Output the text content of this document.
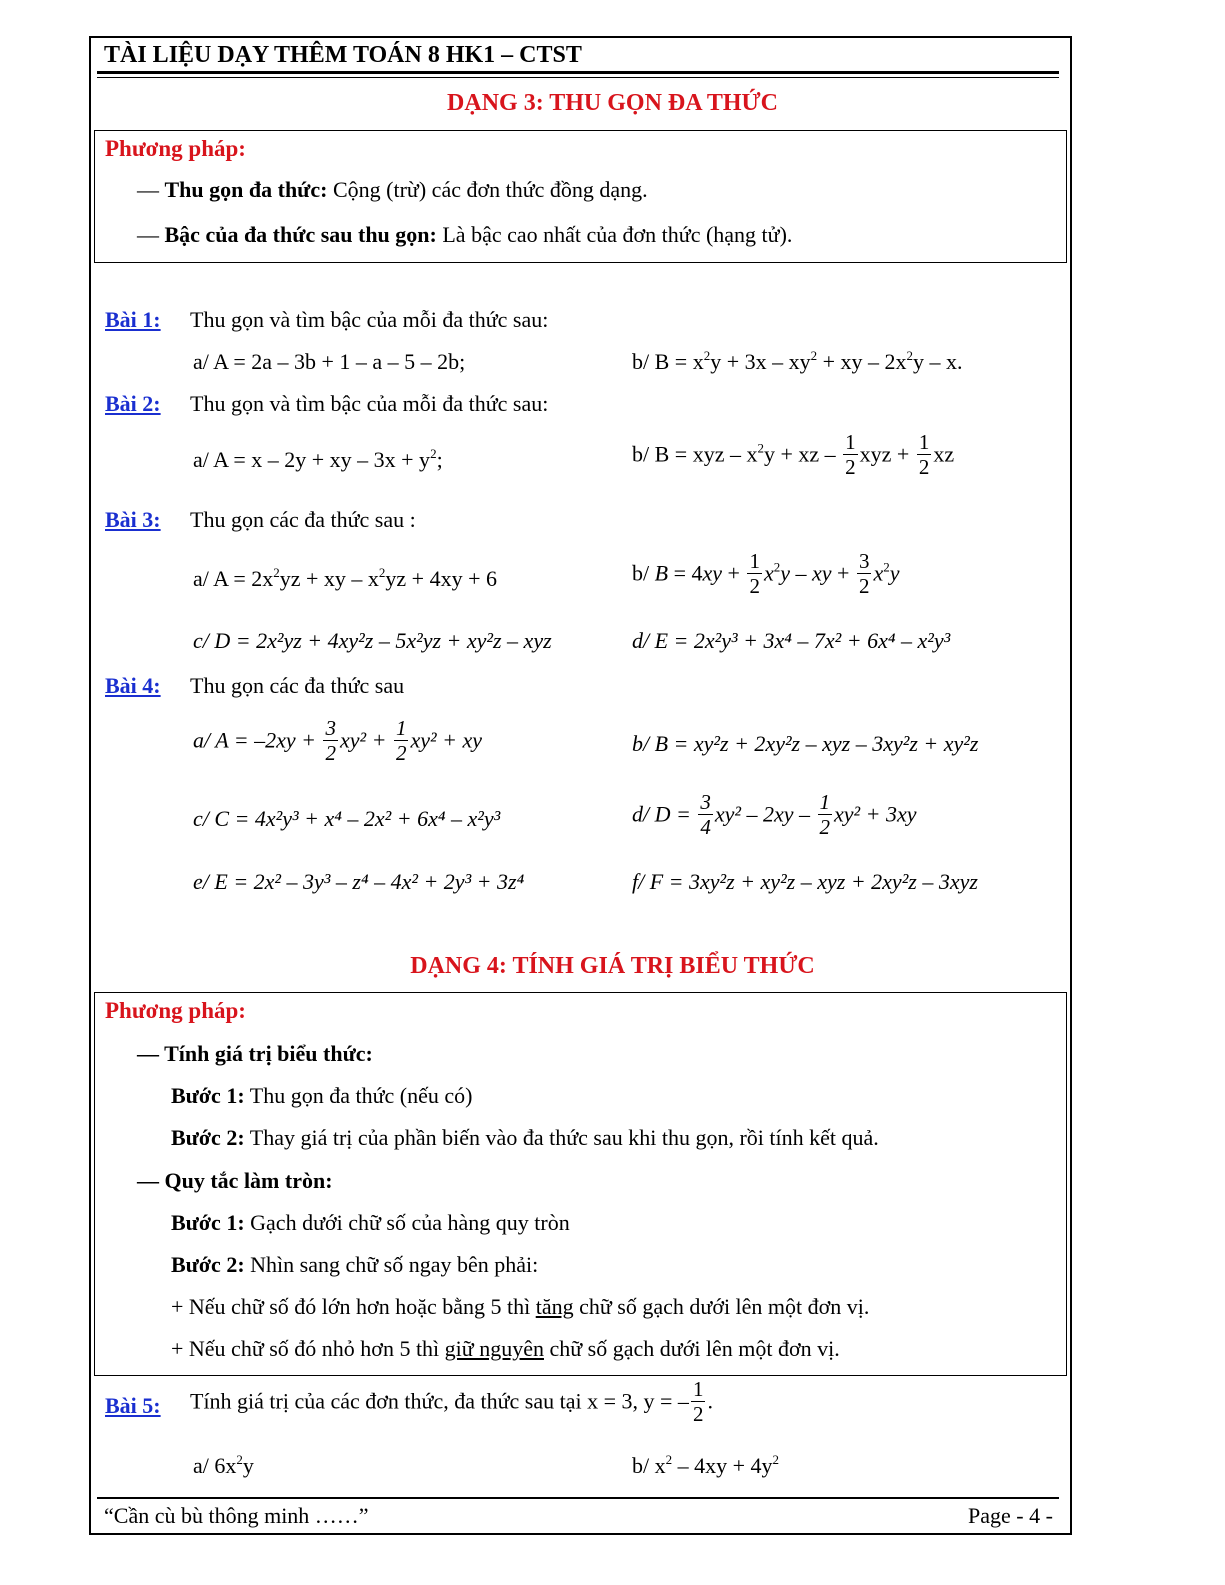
TÀI LIỆU DẠY THÊM TOÁN 8 HK1 – CTST
DẠNG 3: THU GỌN ĐA THỨC
Phương pháp:
— Thu gọn đa thức: Cộng (trừ) các đơn thức đồng dạng.
— Bậc của đa thức sau thu gọn: Là bậc cao nhất của đơn thức (hạng tử).
Bài 1: Thu gọn và tìm bậc của mỗi đa thức sau:
a/ A = 2a – 3b + 1 – a – 5 – 2b;	b/ $B = x^2y + 3x - xy^2$ + xy – $2x^2y$ – x.
Bài 2: Thu gọn và tìm bậc của mỗi đa thức sau:
a/ A = x – 2y + xy – $3x + y^2$;	b/ B = xyz – $x^2y$ + xz – $\frac{1}{2}$ xyz + $\frac{1}{2}$ xz
Bài 3: Thu gọn các đa thức sau :
a/ $A = 2x^2yz$ + xy – $x^2yz + 4xy + 6$	b/ $B = 4xy + \frac{1}{2} x^2y$ – xy + $\frac{3}{2} x^2y$
c/ D = 2x²yz + 4xy²z – 5x²yz + xy²z – xyz	d/ E = 2x²y³ + 3x⁴ – 7x² + 6x⁴ – x²y³
Bài 4: Thu gọn các đa thức sau
a/ $A = -2xy + \frac{3}{2} xy^2 + \frac{1}{2} xy^2$ + xy	b/ B = xy²z + 2xy²z – xyz – 3xy²z + xy²z
c/ C = 4x²y³ + x⁴ – 2x² + 6x⁴ – x²y³	d/ $D = \frac{3}{4} xy^2 - 2xy - \frac{1}{2} xy^2 + 3xy$
e/ E = 2x² – 3y³ – z⁴ – 4x² + 2y³ + 3z⁴	f/ F = 3xy²z + xy²z – xyz + 2xy²z – 3xyz
DẠNG 4: TÍNH GIÁ TRỊ BIỂU THỨC
Phương pháp:
— Tính giá trị biểu thức:
Bước 1: Thu gọn đa thức (nếu có)
Bước 2: Thay giá trị của phần biến vào đa thức sau khi thu gọn, rồi tính kết quả.
— Quy tắc làm tròn:
Bước 1: Gạch dưới chữ số của hàng quy tròn
Bước 2: Nhìn sang chữ số ngay bên phải:
+ Nếu chữ số đó lớn hơn hoặc bằng 5 thì tăng chữ số gạch dưới lên một đơn vị.
+ Nếu chữ số đó nhỏ hơn 5 thì giữ nguyên chữ số gạch dưới lên một đơn vị.
Bài 5: Tính giá trị của các đơn thức, đa thức sau tại x = 3, y = – $\frac{1}{2}$ .
a/ $6x^2y$	b/ $x^2 - 4xy + 4y^2$
“Cần cù bù thông minh ……”	Page - 4 -
